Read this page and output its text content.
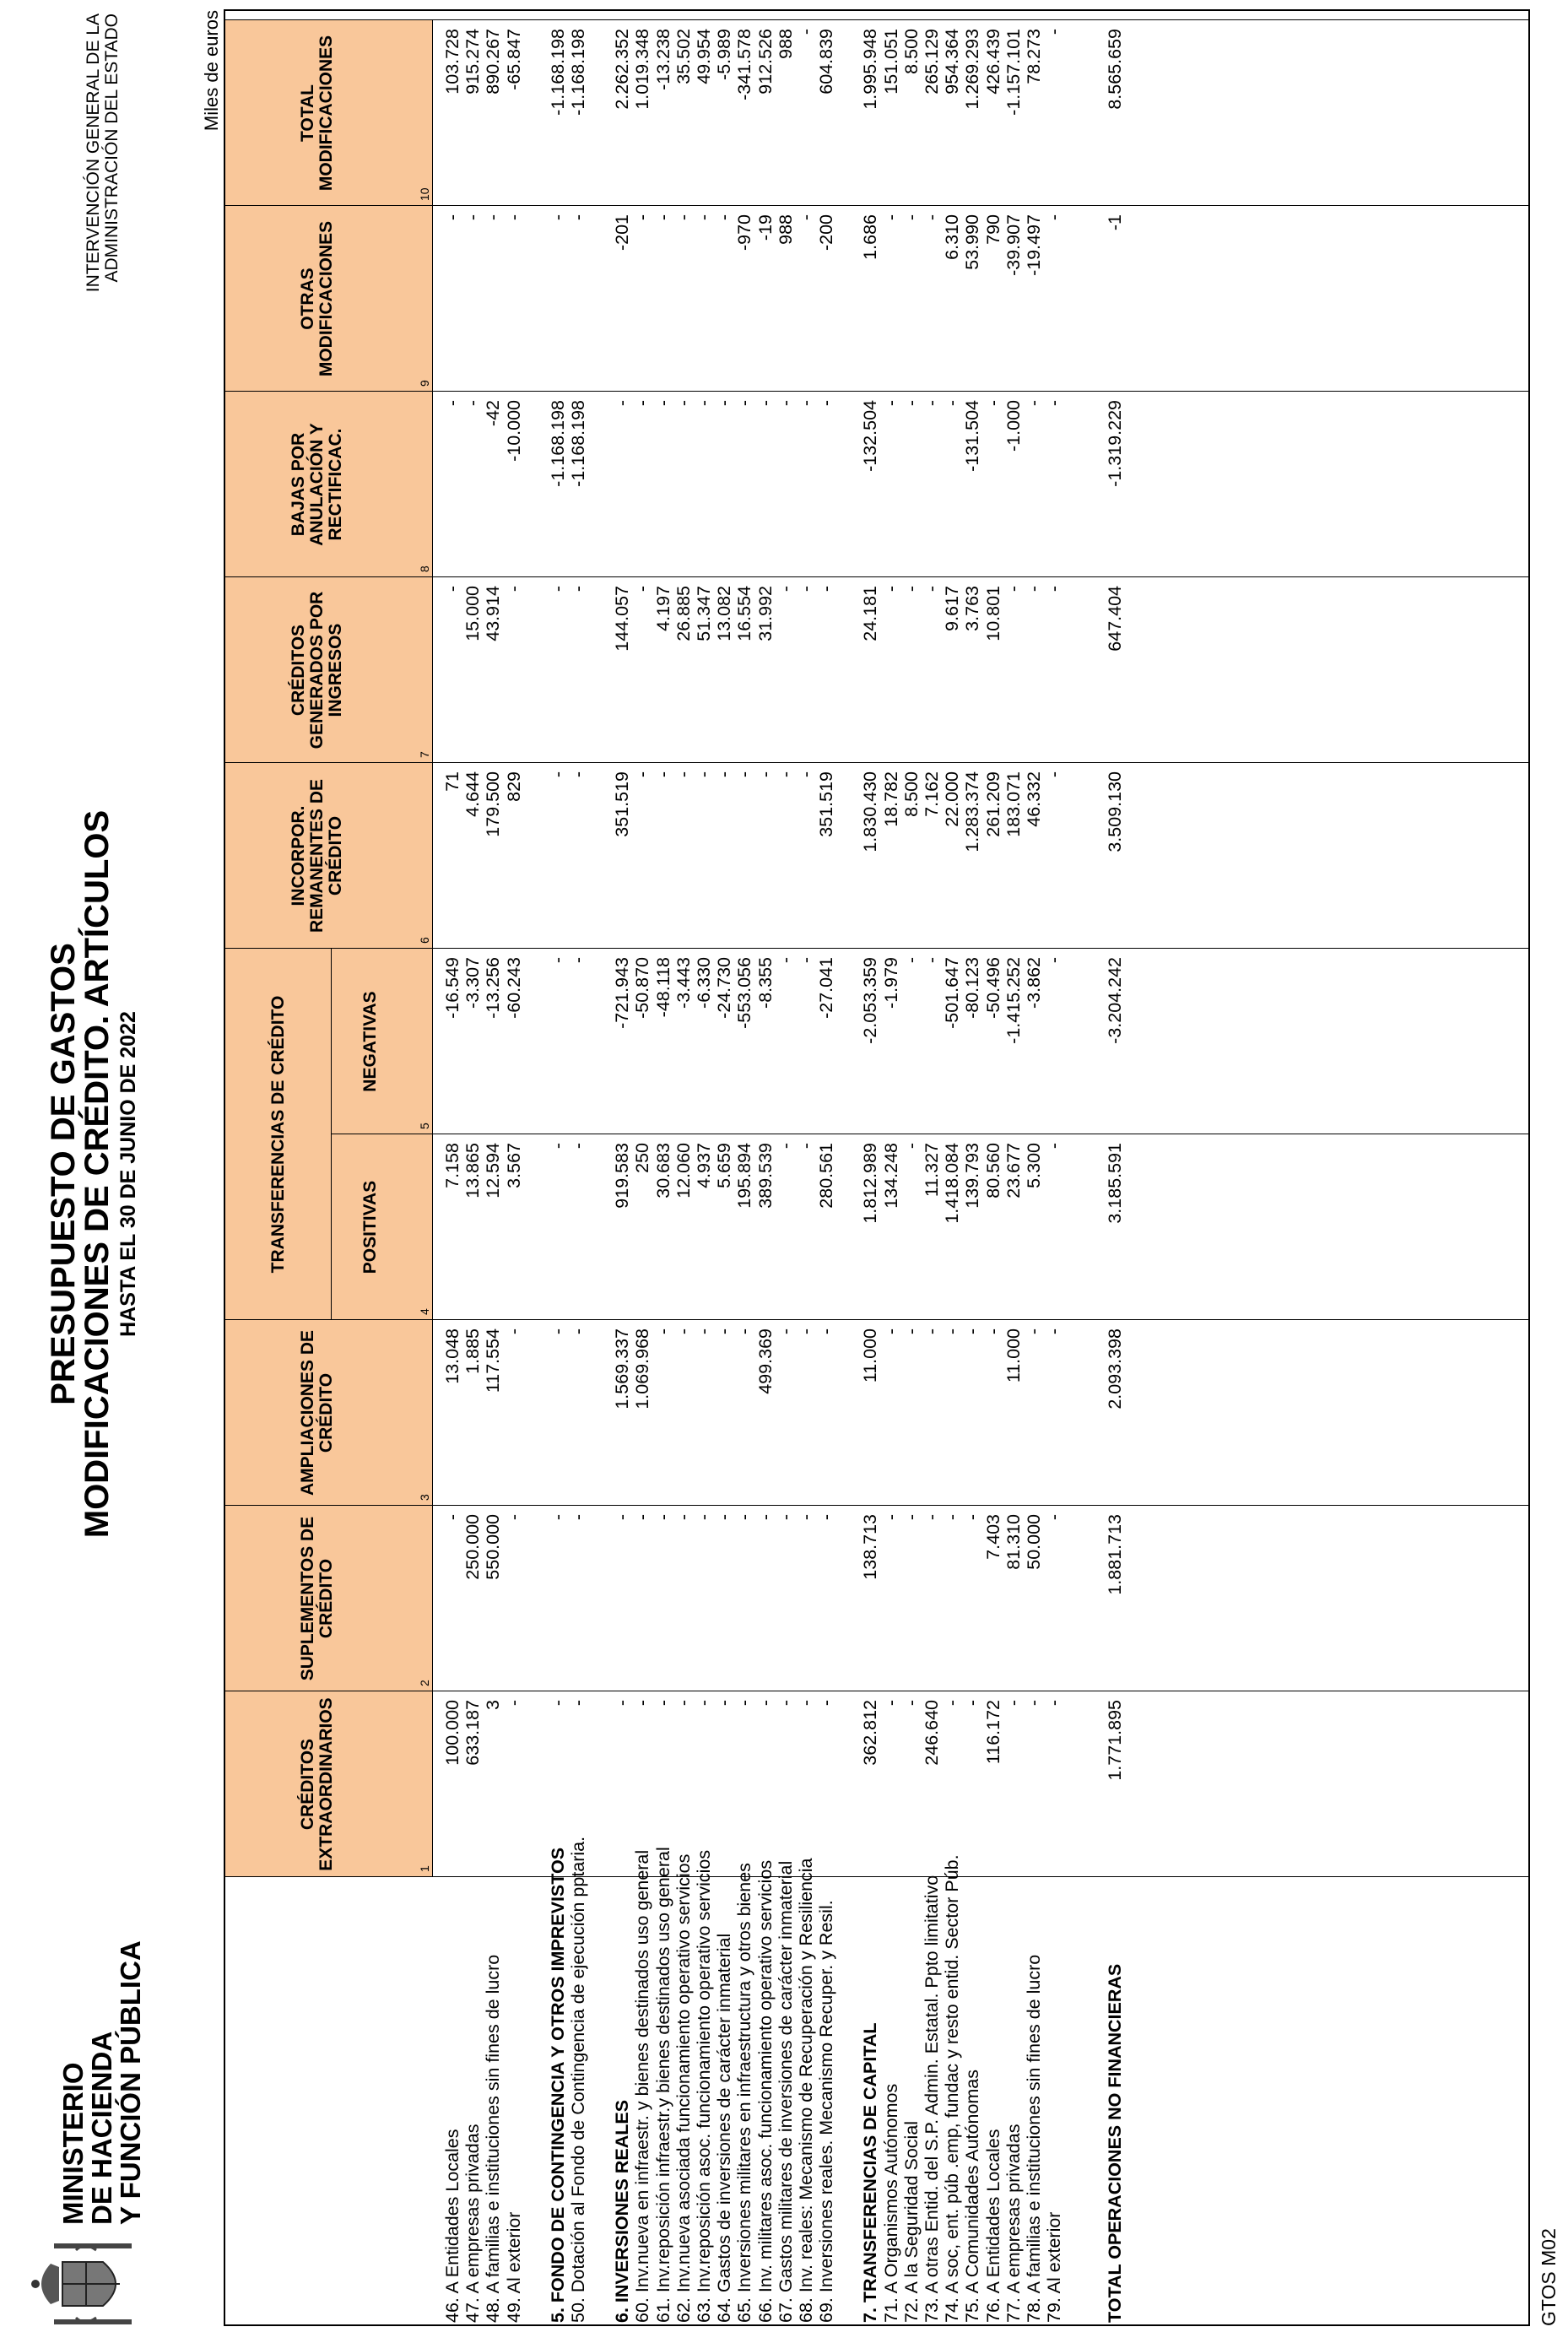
MINISTERIO
DE HACIENDA
Y FUNCIÓN PÚBLICA
PRESUPUESTO DE GASTOS
MODIFICACIONES DE CRÉDITO. ARTÍCULOS HASTA EL 30 DE JUNIO DE 2022
INTERVENCIÓN GENERAL DE LA ADMINISTRACIÓN DEL ESTADO	Miles de euros
CRÉDITOS EXTRAORDINARIOS	1
SUPLEMENTOS DE CRÉDITO
2
AMPLIACIONES DE CRÉDITO
3
POSITIVAS
4
NEGATIVAS
5
INCORPOR. REMANENTES DE CRÉDITO
6
CRÉDITOS GENERADOS POR INGRESOS
7
BAJAS POR ANULACIÓN Y RECTIFICAC.
8
OTRAS MODIFICACIONES
9
TOTAL MODIFICACIONES
10
TRANSFERENCIAS DE CRÉDITO
46. A Entidades Locales
100.000
-
13.048
7.158
-16.549
71
-
-
-
103.728
47. A empresas privadas
633.187
250.000
1.885
13.865
-3.307
4.644
15.000
-
-
915.274
48. A familias e instituciones sin fines de lucro
3
550.000
117.554
12.594
-13.256
179.500
43.914
-42
-
890.267
49. Al exterior
-
-
-
3.567
-60.243
829
-
-10.000
-
-65.847
5. FONDO DE CONTINGENCIA Y OTROS IMPREVISTOS
-
-
-
-
-
-
-
-1.168.198
-
-1.168.198
50. Dotación al Fondo de Contingencia de ejecución pptaria.
-
-
-
-
-
-
-
-1.168.198
-
-1.168.198
6. INVERSIONES REALES
-
-
1.569.337
919.583
-721.943
351.519
144.057
-
-201
2.262.352
60. Inv.nueva en infraestr. y bienes destinados uso general
-
-
1.069.968
250
-50.870
-
-
-
-
1.019.348
61. Inv.reposición infraestr.y bienes destinados uso general
-
-
-
30.683
-48.118
-
4.197
-
-
-13.238
62. Inv.nueva asociada funcionamiento operativo servicios
-
-
-
12.060
-3.443
-
26.885
-
-
35.502
63. Inv.reposición asoc. funcionamiento operativo servicios
-
-
-
4.937
-6.330
-
51.347
-
-
49.954
64. Gastos de inversiones de carácter inmaterial
-
-
-
5.659
-24.730
-
13.082
-
-
-5.989
65. Inversiones militares en infraestructura y otros bienes
-
-
-
195.894
-553.056
-
16.554
-
-970
-341.578
66. Inv. militares asoc. funcionamiento operativo servicios
-
-
499.369
389.539
-8.355
-
31.992
-
-19
912.526
67. Gastos militares de inversiones de carácter inmaterial
-
-
-
-
-
-
-
-
988
988
68. Inv. reales: Mecanismo de Recuperación y Resiliencia
-
-
-
-
-
-
-
-
-
-
69. Inversiones reales. Mecanismo Recuper. y Resil.
-
-
-
280.561
-27.041
351.519
-
-
-200
604.839
7. TRANSFERENCIAS DE CAPITAL
362.812
138.713
11.000
1.812.989
-2.053.359
1.830.430
24.181
-132.504
1.686
1.995.948
71. A Organismos Autónomos
-
-
-
134.248
-1.979
18.782
-
-
-
151.051
72. A la Seguridad Social
-
-
-
-
-
8.500
-
-
-
8.500
73. A otras Entid. del S.P. Admin. Estatal. Ppto limitativo
246.640
-
-
11.327
-
7.162
-
-
-
265.129
74. A soc, ent. púb .emp, fundac y resto entid. Sector Púb.
-
-
-
1.418.084
-501.647
22.000
9.617
-
6.310
954.364
75. A Comunidades Autónomas
-
-
-
139.793
-80.123
1.283.374
3.763
-131.504
53.990
1.269.293
76. A Entidades Locales
116.172
7.403
-
80.560
-50.496
261.209
10.801
-
790
426.439
77. A empresas privadas
-
81.310
11.000
23.677
-1.415.252
183.071
-
-1.000
-39.907
-1.157.101
78. A familias e instituciones sin fines de lucro
-
50.000
-
5.300
-3.862
46.332
-
-
-19.497
78.273
79. Al exterior
-
-
-
-
-
-
-
-
-
-
TOTAL OPERACIONES NO FINANCIERAS
1.771.895
1.881.713
2.093.398
3.185.591
-3.204.242
3.509.130
647.404
-1.319.229
-1
8.565.659
GTOS M02
